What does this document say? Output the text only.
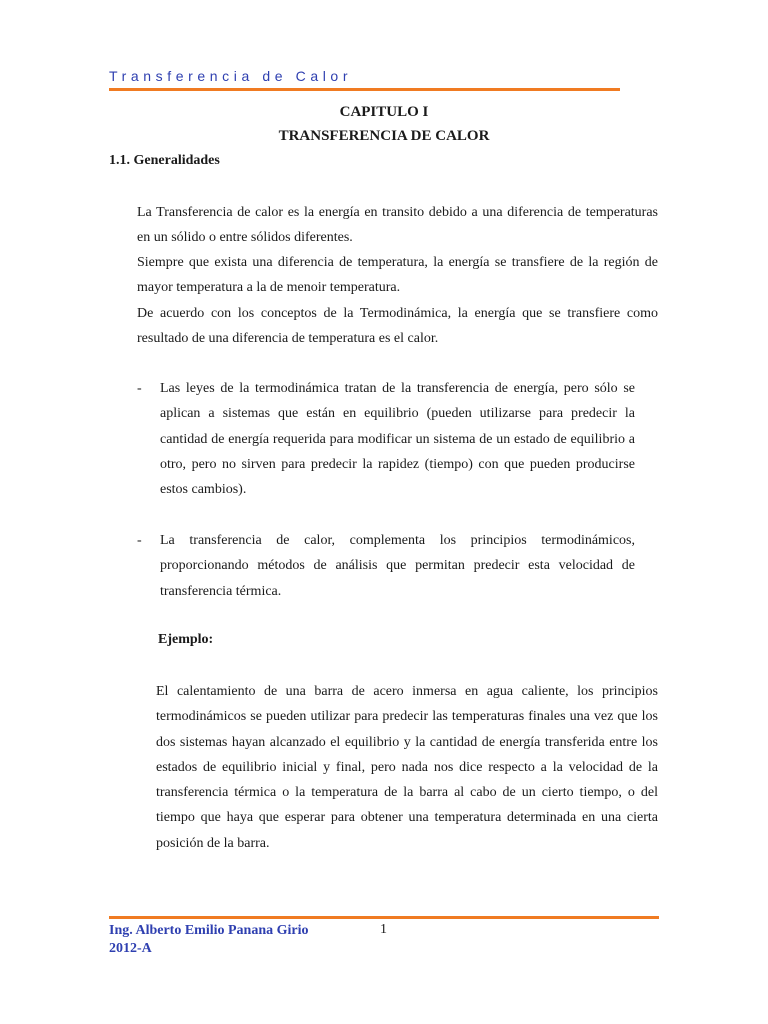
Transferencia de Calor
CAPITULO I
TRANSFERENCIA DE CALOR
1.1. Generalidades
La Transferencia de calor es la energía en transito debido a una diferencia de temperaturas en un sólido o entre sólidos diferentes.
Siempre que exista una diferencia de temperatura, la energía se transfiere de la región de mayor temperatura a la de menoir temperatura.
De acuerdo con los conceptos de la Termodinámica, la energía que se transfiere como resultado de una diferencia de temperatura es el calor.
- Las leyes de la termodinámica tratan de la transferencia de energía, pero sólo se aplican a sistemas que están en equilibrio (pueden utilizarse para predecir la cantidad de energía requerida para modificar un sistema de un estado de equilibrio a otro, pero no sirven para predecir la rapidez (tiempo) con que pueden producirse estos cambios).
- La transferencia de calor, complementa los principios termodinámicos, proporcionando métodos de análisis que permitan predecir esta velocidad de transferencia térmica.
Ejemplo:
El calentamiento de una barra de acero inmersa en agua caliente, los principios termodinámicos se pueden utilizar para predecir las temperaturas finales una vez que los dos sistemas hayan alcanzado el equilibrio y la cantidad de energía transferida entre los estados de equilibrio inicial y final, pero nada nos dice respecto a la velocidad de la transferencia térmica o la temperatura de la barra al cabo de un cierto tiempo, o del tiempo que haya que esperar para obtener una temperatura determinada en una cierta posición de la barra.
Ing. Alberto Emilio Panana Girio
2012-A
1
